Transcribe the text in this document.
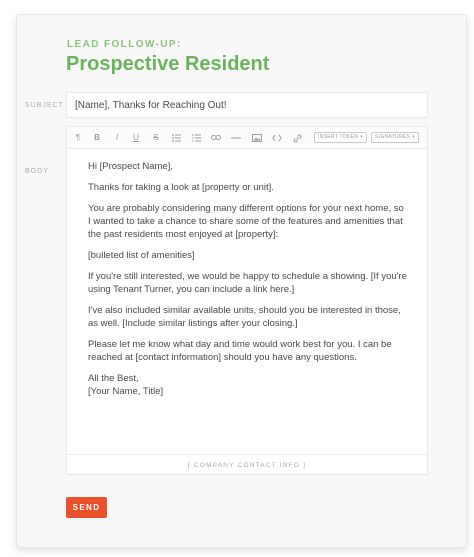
LEAD FOLLOW-UP:
Prospective Resident
SUBJECT	[Name], Thanks for Reaching Out!
BODY
¶	B	I	U	S	INSERT TOKEN ▾	SIGNATURES ▾

Hi [Prospect Name],

Thanks for taking a look at [property or unit].

You are probably considering many different options for your next home, so I wanted to take a chance to share some of the features and amenities that the past residents most enjoyed at [property]:

[bulleted list of amenities]

If you're still interested, we would be happy to schedule a showing. [If you're using Tenant Turner, you can include a link here.]

I've also included similar available units, should you be interested in those, as well. [Include similar listings after your closing.]

Please let me know what day and time would work best for you. I can be reached at [contact information] should you have any questions.

All the Best,

[Your Name, Title]

[ COMPANY CONTACT INFO ]
SEND
